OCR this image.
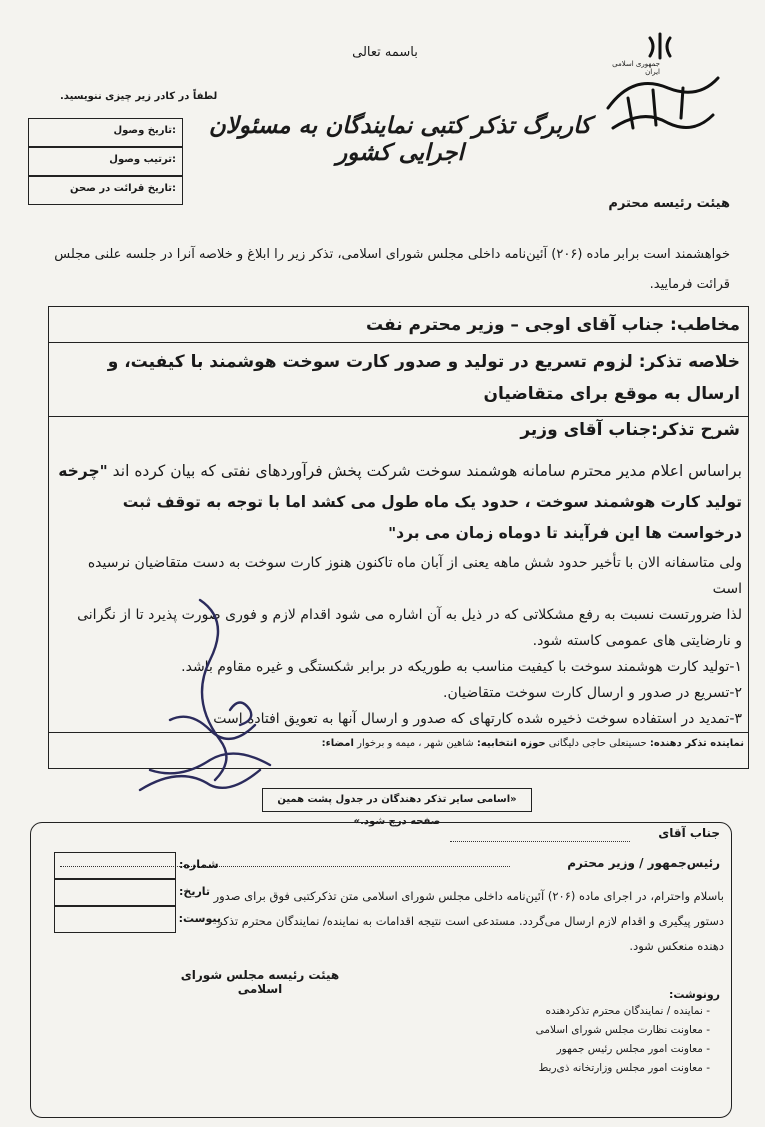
باسمه تعالی
لطفاً در کادر زیر چیزی ننویسید.
جمهوری اسلامی ایران
کاربرگ تذکر کتبی نمایندگان به مسئولان اجرایی کشور
تاریخ وصول:
ترتیب وصول:
تاریخ قرائت در صحن:
هیئت رئیسه محترم
خواهشمند است برابر ماده (۲۰۶) آئین‌نامه داخلی مجلس شورای اسلامی، تذکر زیر را ابلاغ و خلاصه آنرا در جلسه علنی مجلس قرائت فرمایید.
مخاطب: جناب آقای اوجی – وزیر محترم نفت
خلاصه تذکر: لزوم تسریع در تولید و صدور کارت سوخت هوشمند با کیفیت، و ارسال به موقع برای متقاضیان
شرح تذکر:جناب آقای وزیر
براساس اعلام مدیر محترم سامانه هوشمند سوخت شرکت پخش فرآوردهای نفتی که بیان کرده اند "چرخه تولید کارت هوشمند سوخت ، حدود یک ماه طول می کشد اما با توجه به توقف ثبت درخواست ها این فرآیند تا دوماه زمان می برد"
ولی متاسفانه الان با تأخیر حدود شش ماهه یعنی از آبان ماه تاکنون هنوز کارت سوخت به دست متقاضیان نرسیده است
لذا ضرورتست نسبت به رفع مشکلاتی که در ذیل به آن اشاره می شود اقدام لازم و فوری صورت پذیرد تا از نگرانی
و نارضایتی های عمومی کاسته شود.
۱-تولید کارت هوشمند سوخت با کیفیت مناسب به طوریکه در برابر شکستگی و غیره مقاوم باشد.
۲-تسریع در صدور و ارسال کارت سوخت متقاضیان.
۳-تمدید در استفاده سوخت ذخیره شده کارتهای که صدور و ارسال آنها به تعویق افتاده است
نماینده تذکر دهنده: حسینعلی حاجی دلیگانی حوزه انتخابیه: شاهین شهر ، میمه و برخوار امضاء:
«اسامی سایر تذکر دهندگان در جدول پشت همین صفحه درج شود.»
جناب آقای
رئیس‌جمهور / وزیر محترم
شماره:
تاریخ:
پیوست:
باسلام واحترام، در اجرای ماده (۲۰۶) آئین‌نامه داخلی مجلس شورای اسلامی متن تذکرکتبی فوق برای صدور دستور پیگیری و اقدام لازم ارسال می‌گردد. مستدعی است نتیجه اقدامات به نماینده/ نمایندگان محترم تذکر دهنده منعکس شود.
هیئت رئیسه مجلس شورای اسلامی	رونوشت:
- نماینده / نمایندگان محترم تذکردهنده
- معاونت نظارت مجلس شورای اسلامی
- معاونت امور مجلس رئیس جمهور
- معاونت امور مجلس وزارتخانه ذی‌ربط
